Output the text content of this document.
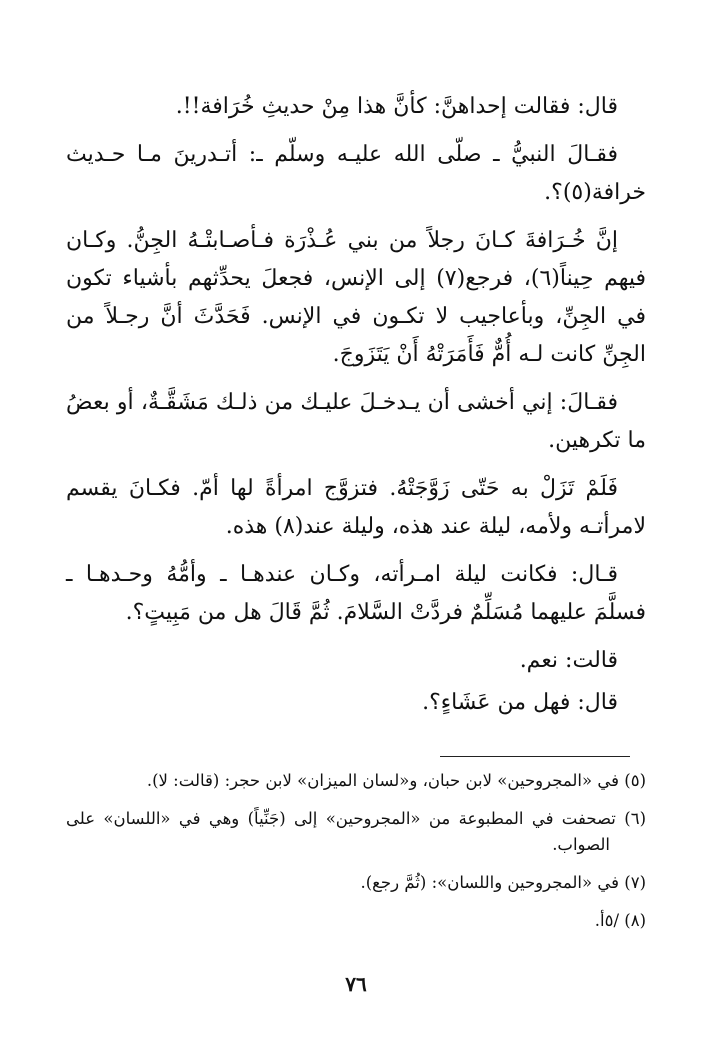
قال: فقالت إحداهنَّ: كأنَّ هذا مِنْ حديثِ خُرَافة!!.

فقـالَ النبيُّ ـ صلّى الله عليـه وسلّم ـ: أتـدرينَ مـا حـديث خرافة(٥)؟.

إنَّ خُـرَافةَ كـانَ رجلاً من بني عُـذْرَة فـأصـابتْـهُ الجِنُّ. وكـان فيهم حِيناً(٦)، فرجع(٧) إلى الإنس، فجعلَ يحدِّثهم بأشياء تكون في الجِنِّ، وبأعاجيب لا تكـون في الإنس. فَحَدَّثَ أنَّ رجـلاً من الجِنِّ كانت لـه أُمٌّ فَأَمَرَتْهُ أَنْ يَتَزَوجَ.

فقـالَ: إني أخشى أن يـدخـلَ عليـك من ذلـك مَشَقَّـةٌ، أو بعضُ ما تكرهين.

فَلَمْ تَزَلْ به حَتّى زَوَّجَتْهُ. فتزوَّج امرأةً لها أمّ. فكـانَ يقسم لامرأتـه ولأمه، ليلة عند هذه، وليلة عند(٨) هذه.

قـال: فكانت ليلة امـرأته، وكـان عندهـا ـ وأمُّهُ وحـدهـا ـ فسلَّمَ عليهما مُسَلِّمٌ فردَّتْ السَّلامَ. ثُمَّ قَالَ هل من مَبِيتٍ؟.

قالت: نعم.

قال: فهل من عَشَاءٍ؟.

(٥) في «المجروحين» لابن حبان، و«لسان الميزان» لابن حجر: (قالت: لا).

(٦) تصحفت في المطبوعة من «المجروحين» إلى (جَنِّياً) وهي في «اللسان» على الصواب.

(٧) في «المجروحين واللسان»: (ثُمَّ رجع).

(٨) /٥أ.

٧٦
